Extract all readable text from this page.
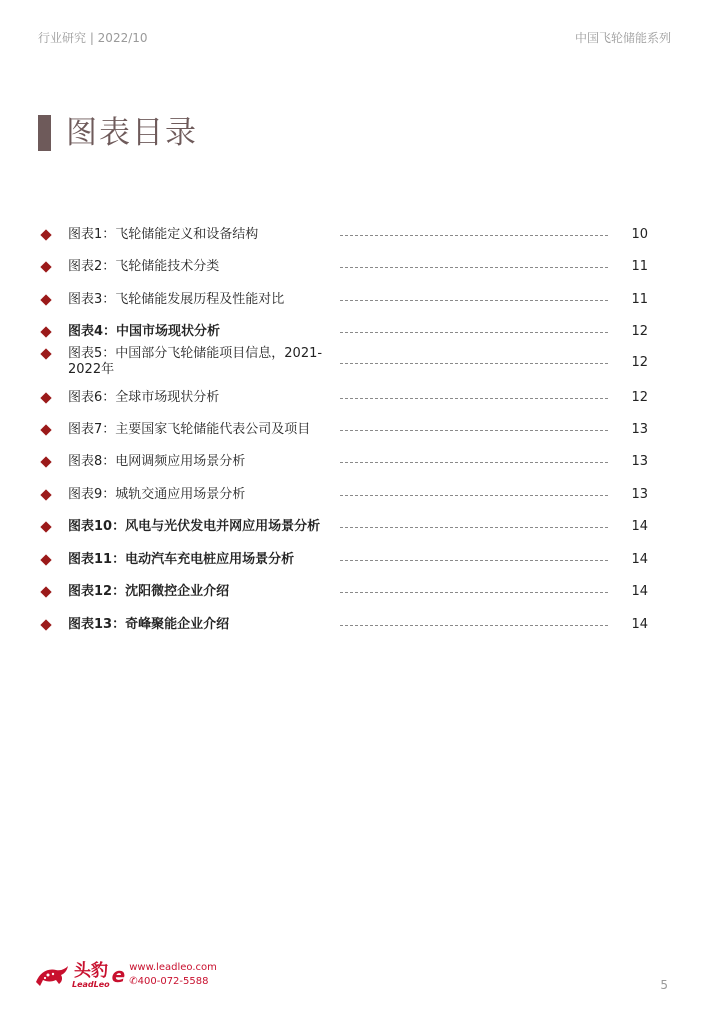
行业研究 | 2022/10	中国飞轮储能系列
图表目录
图表1：飞轮储能定义和设备结构	10
图表2：飞轮储能技术分类	11
图表3：飞轮储能发展历程及性能对比	11
图表4：中国市场现状分析	12
图表5：中国部分飞轮储能项目信息，2021-2022年	12
图表6：全球市场现状分析	12
图表7：主要国家飞轮储能代表公司及项目	13
图表8：电网调频应用场景分析	13
图表9：城轨交通应用场景分析	13
图表10：风电与光伏发电并网应用场景分析	14
图表11：电动汽车充电桩应用场景分析	14
图表12：沈阳微控企业介绍	14
图表13：奇峰聚能企业介绍	14
头豹
LeadLeo e www.leadleo.com
✆400-072-5588	5
